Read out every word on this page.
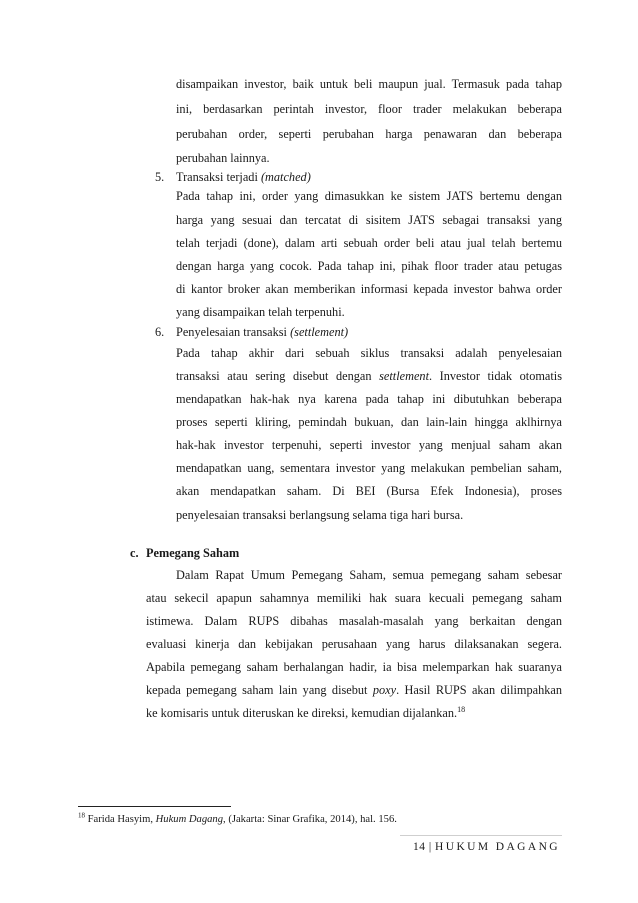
disampaikan investor, baik untuk beli maupun jual. Termasuk pada tahap
ini, berdasarkan perintah investor, floor trader melakukan beberapa
perubahan order, seperti perubahan harga penawaran dan beberapa
perubahan lainnya.
5. Transaksi terjadi (matched)
Pada tahap ini, order yang dimasukkan ke sistem JATS bertemu dengan
harga yang sesuai dan tercatat di sisitem JATS sebagai transaksi yang
telah terjadi (done), dalam arti sebuah order beli atau jual telah bertemu
dengan harga yang cocok. Pada tahap ini, pihak floor trader atau petugas
di kantor broker akan memberikan informasi kepada investor bahwa order
yang disampaikan telah terpenuhi.
6. Penyelesaian transaksi (settlement)
Pada tahap akhir dari sebuah siklus transaksi adalah penyelesaian
transaksi atau sering disebut dengan settlement. Investor tidak otomatis
mendapatkan hak-hak nya karena pada tahap ini dibutuhkan beberapa
proses seperti kliring, pemindah bukuan, dan lain-lain hingga aklhirnya
hak-hak investor terpenuhi, seperti investor yang menjual saham akan
mendapatkan uang, sementara investor yang melakukan pembelian saham,
akan mendapatkan saham. Di BEI (Bursa Efek Indonesia), proses
penyelesaian transaksi berlangsung selama tiga hari bursa.
c. Pemegang Saham
Dalam Rapat Umum Pemegang Saham, semua pemegang saham sebesar
atau sekecil apapun sahamnya memiliki hak suara kecuali pemegang saham
istimewa. Dalam RUPS dibahas masalah-masalah yang berkaitan dengan
evaluasi kinerja dan kebijakan perusahaan yang harus dilaksanakan segera.
Apabila pemegang saham berhalangan hadir, ia bisa melemparkan hak suaranya
kepada pemegang saham lain yang disebut poxy. Hasil RUPS akan dilimpahkan
ke komisaris untuk diteruskan ke direksi, kemudian dijalankan.$^{18}$
$^{18}$ Farida Hasyim, Hukum Dagang, (Jakarta: Sinar Grafika, 2014), hal. 156.
14 | HUKUM DAGANG
